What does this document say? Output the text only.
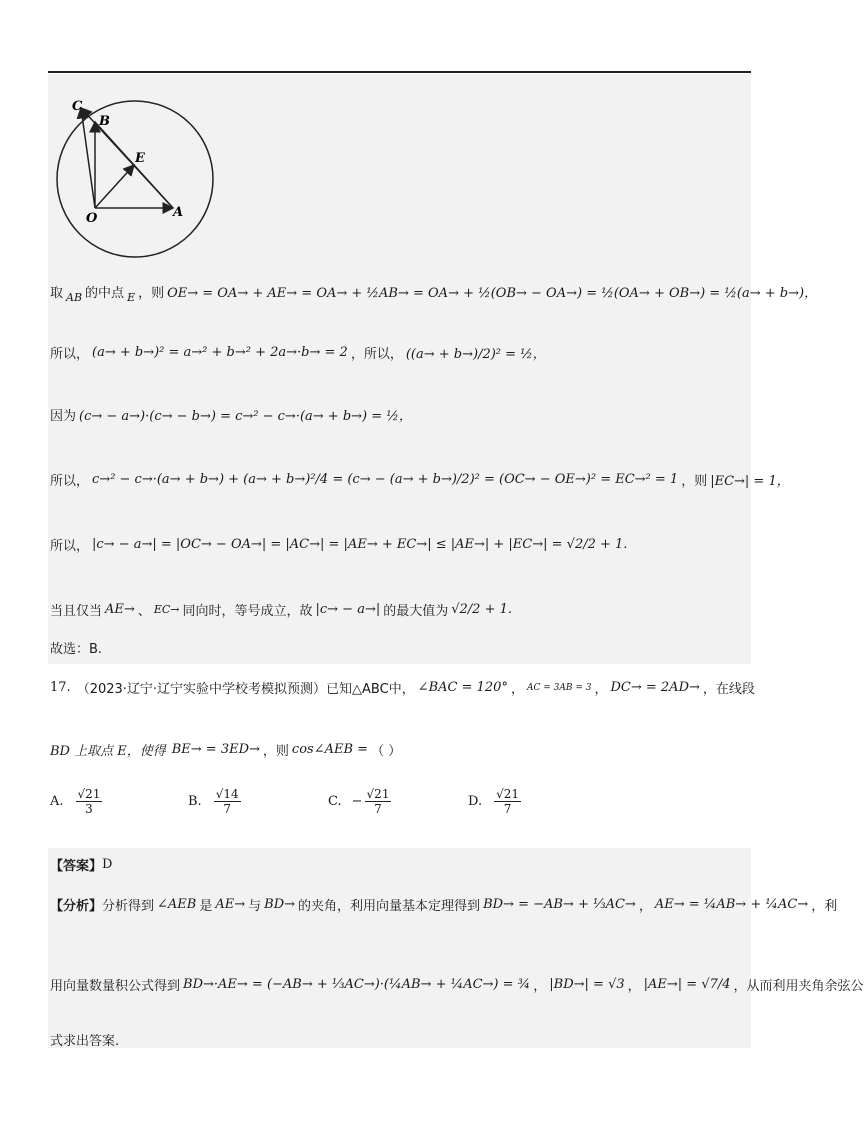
C
B
E
O	A
取 AB 的中点 E ，则 OE→ = OA→ + AE→ = OA→ + ½AB→ = OA→ + ½(OB→ − OA→) = ½(OA→ + OB→) = ½(a→ + b→)，
所以， (a→ + b→)² = a→² + b→² + 2a→·b→ = 2 ，所以， ((a→ + b→)/2)² = ½，
因为 (c→ − a→)·(c→ − b→) = c→² − c→·(a→ + b→) = ½，
所以， c→² − c→·(a→ + b→) + (a→ + b→)²/4 = (c→ − (a→ + b→)/2)² = (OC→ − OE→)² = EC→² = 1 ，则 |EC→| = 1，
所以， |c→ − a→| = |OC→ − OA→| = |AC→| = |AE→ + EC→| ≤ |AE→| + |EC→| = √2/2 + 1.
当且仅当 AE→ 、 EC→ 同向时，等号成立，故 |c→ − a→| 的最大值为 √2/2 + 1.
故选：B.
17. （2023·辽宁·辽宁实验中学校考模拟预测）已知△ABC中， ∠BAC = 120° ， AC = 3AB = 3 ， DC→ = 2AD→ ，在线段
BD 上取点 E，使得 BE→ = 3ED→ ，则 cos∠AEB = （ ）
A. $\frac{√21}{3}$	B. $\frac{√14}{7}$	C. − $\frac{√21}{7}$	D. $\frac{√21}{7}$
【答案】 D
【分析】 分析得到 ∠AEB 是 AE→ 与 BD→ 的夹角，利用向量基本定理得到 BD→ = −AB→ + ⅓AC→ ， AE→ = ¼AB→ + ¼AC→ ，利
用向量数量积公式得到 BD→·AE→ = (−AB→ + ⅓AC→)·(¼AB→ + ¼AC→) = ¾ ， |BD→| = √3 ， |AE→| = √7/4 ，从而利用夹角余弦公
式求出答案.
